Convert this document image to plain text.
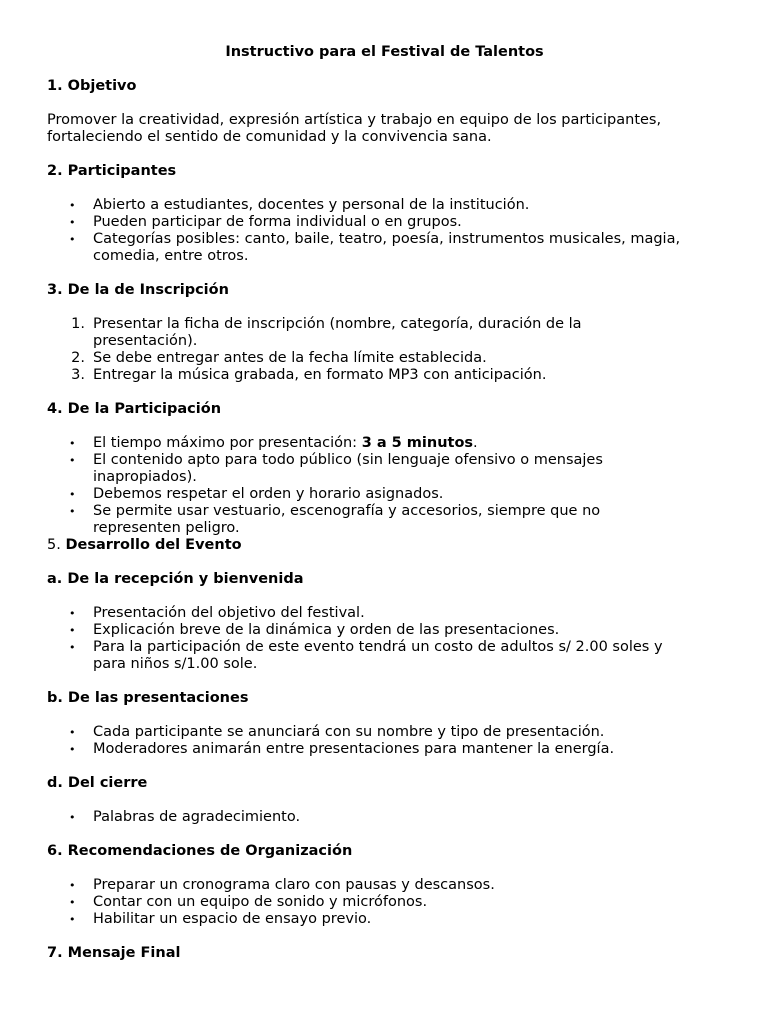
Instructivo para el Festival de Talentos
1. Objetivo
Promover la creatividad, expresión artística y trabajo en equipo de los participantes,
fortaleciendo el sentido de comunidad y la convivencia sana.
2. Participantes
• Abierto a estudiantes, docentes y personal de la institución.
• Pueden participar de forma individual o en grupos.
• Categorías posibles: canto, baile, teatro, poesía, instrumentos musicales, magia,
comedia, entre otros.
3. De la de Inscripción
1. Presentar la ficha de inscripción (nombre, categoría, duración de la
presentación).
2. Se debe entregar antes de la fecha límite establecida.
3. Entregar la música grabada, en formato MP3 con anticipación.
4. De la Participación
• El tiempo máximo por presentación: 3 a 5 minutos.
• El contenido apto para todo público (sin lenguaje ofensivo o mensajes
inapropiados).
• Debemos respetar el orden y horario asignados.
• Se permite usar vestuario, escenografía y accesorios, siempre que no
representen peligro.
5. Desarrollo del Evento
a. De la recepción y bienvenida
• Presentación del objetivo del festival.
• Explicación breve de la dinámica y orden de las presentaciones.
• Para la participación de este evento tendrá un costo de adultos s/ 2.00 soles y
para niños s/1.00 sole.
b. De las presentaciones
• Cada participante se anunciará con su nombre y tipo de presentación.
• Moderadores animarán entre presentaciones para mantener la energía.
d. Del cierre
• Palabras de agradecimiento.
6. Recomendaciones de Organización
• Preparar un cronograma claro con pausas y descansos.
• Contar con un equipo de sonido y micrófonos.
• Habilitar un espacio de ensayo previo.
7. Mensaje Final
